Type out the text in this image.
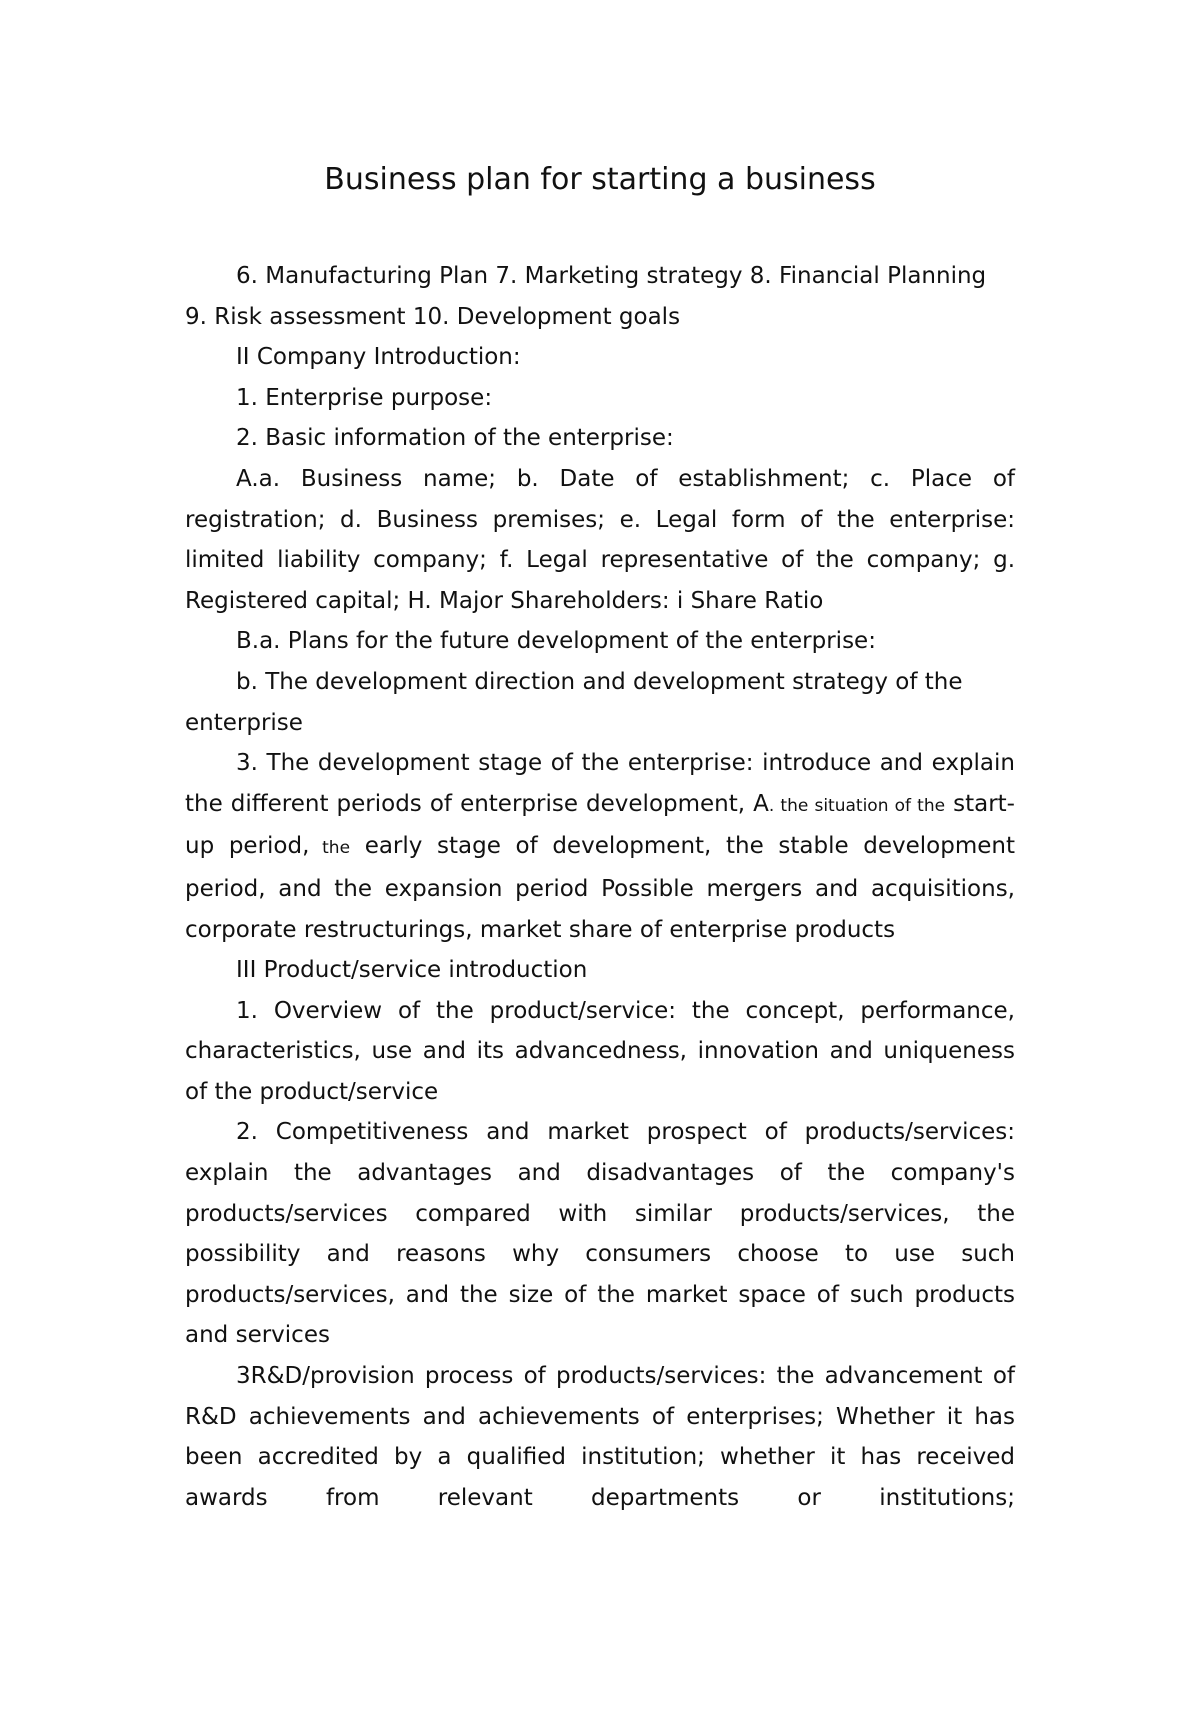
Business plan for starting a business

6. Manufacturing Plan 7. Marketing strategy 8. Financial Planning 9. Risk assessment 10. Development goals

II Company Introduction:

1. Enterprise purpose:

2. Basic information of the enterprise:

A.a. Business name; b. Date of establishment; c. Place of registration; d. Business premises; e. Legal form of the enterprise: limited liability company; f. Legal representative of the company; g. Registered capital; H. Major Shareholders: i Share Ratio

B.a. Plans for the future development of the enterprise:

b. The development direction and development strategy of the enterprise

3. The development stage of the enterprise: introduce and explain the different periods of enterprise development, A. the situation of the start-up period, the early stage of development, the stable development period, and the expansion period Possible mergers and acquisitions, corporate restructurings, market share of enterprise products

III Product/service introduction

1. Overview of the product/service: the concept, performance, characteristics, use and its advancedness, innovation and uniqueness of the product/service

2. Competitiveness and market prospect of products/services: explain the advantages and disadvantages of the company's products/services compared with similar products/services, the possibility and reasons why consumers choose to use such products/services, and the size of the market space of such products and services

3R&D/provision process of products/services: the advancement of R&D achievements and achievements of enterprises; Whether it has been accredited by a qualified institution; whether it has received awards from relevant departments or institutions;
